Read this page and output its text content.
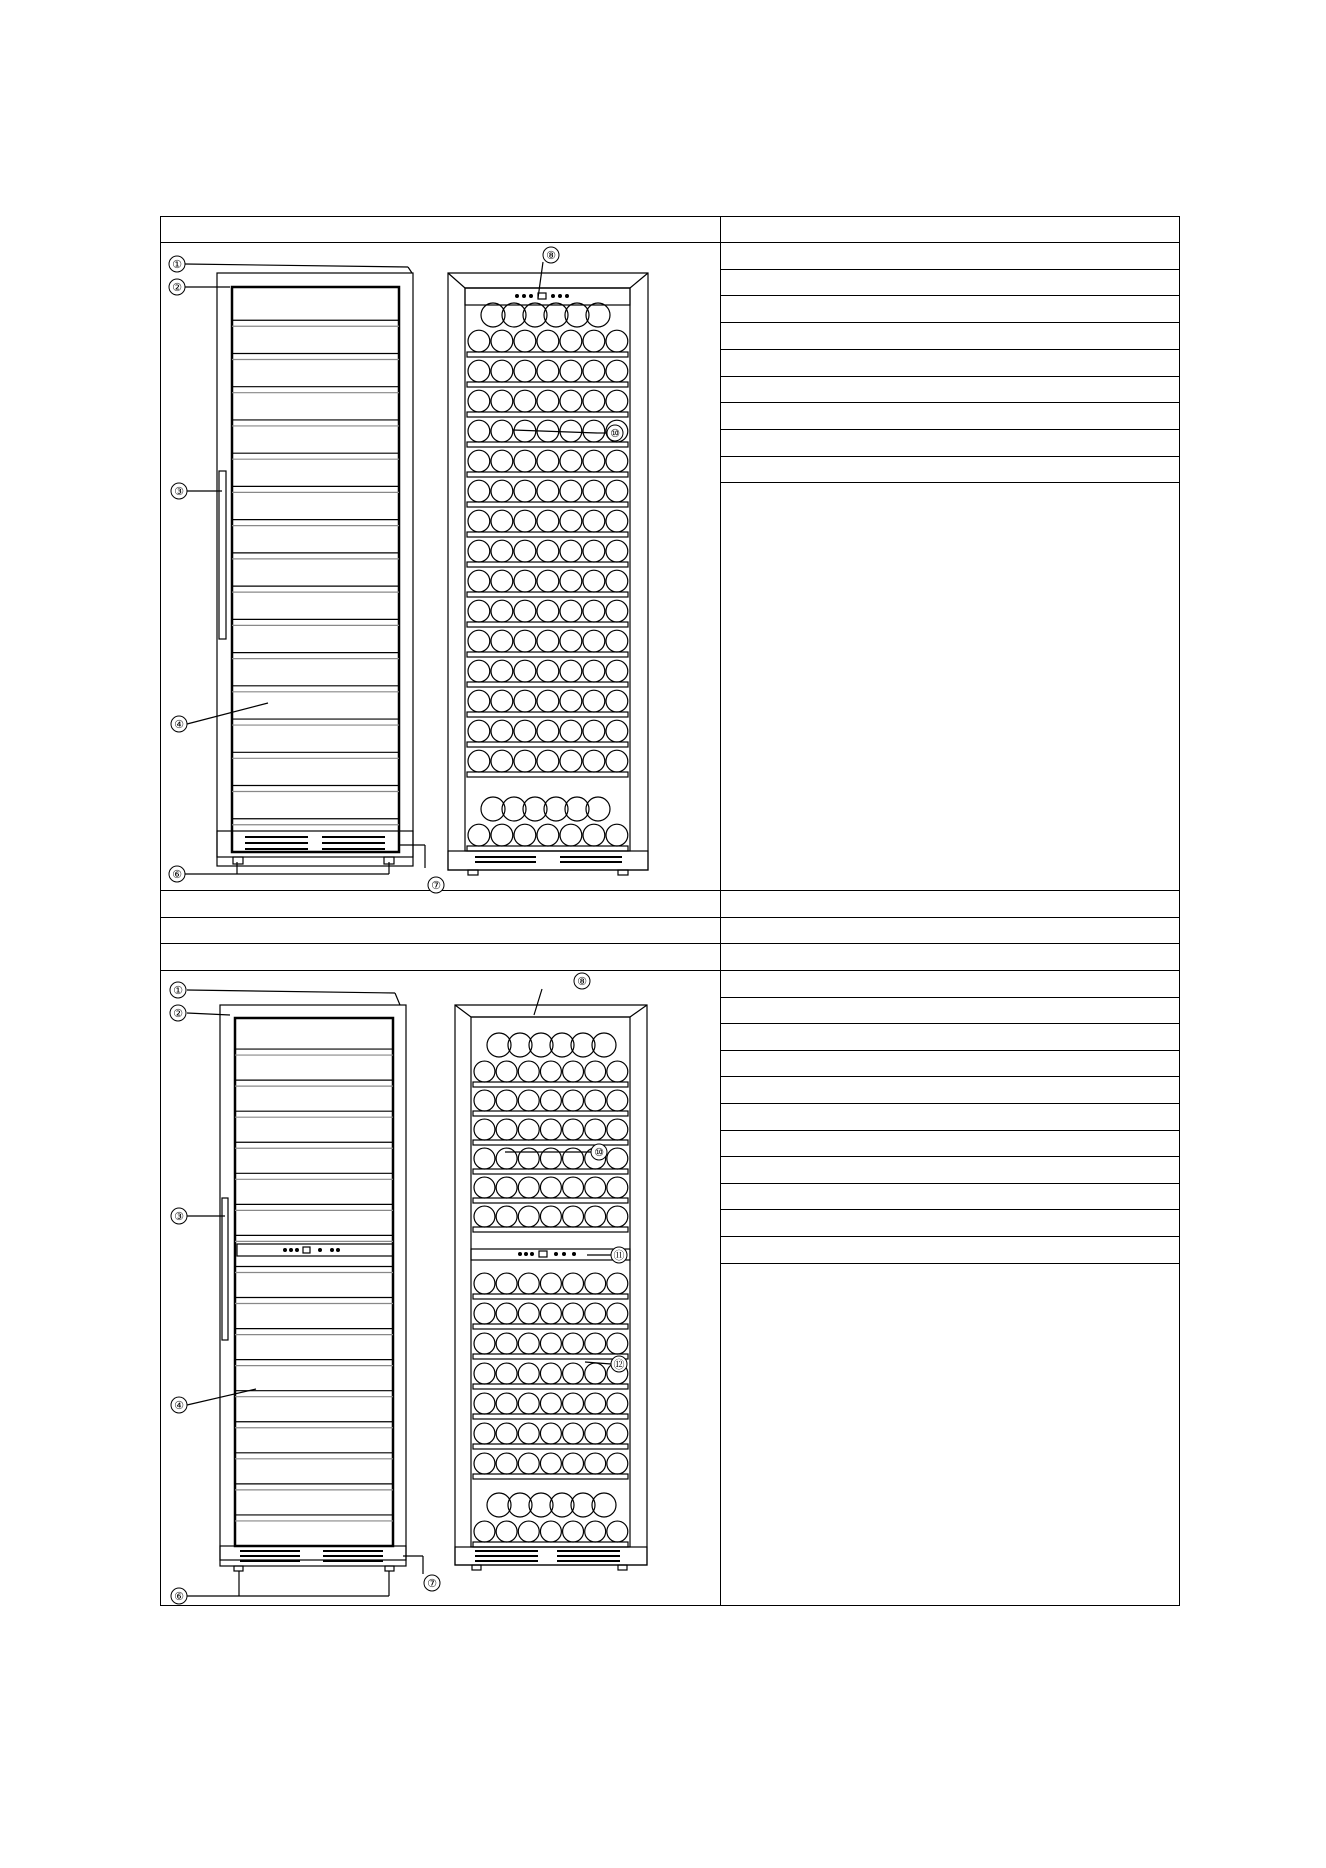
①
②
③
④
⑥
⑦
⑧
⑩
①
②
③
④
⑥
⑦
⑧
⑩
⑪
⑫
